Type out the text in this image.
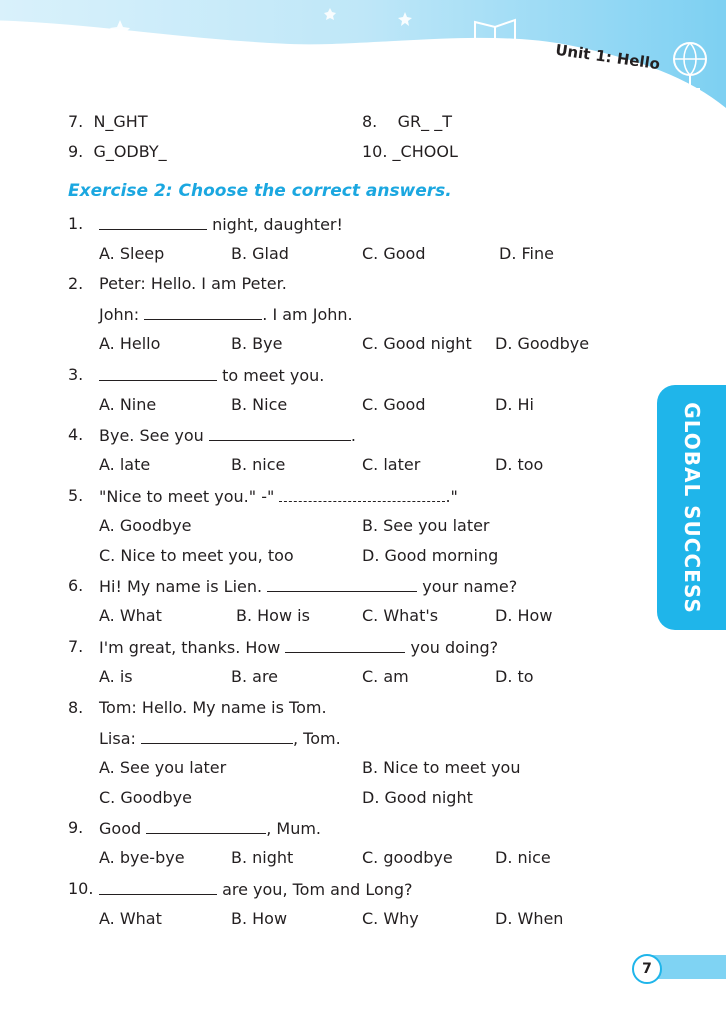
Unit 1: Hello
GLOBAL SUCCESS
7. N_GHT	8. GR_ _T
9. G_ODBY_	10. _CHOOL
Exercise 2: Choose the correct answers.
1.	night, daughter!
A. Sleep	B. Glad	C. Good	D. Fine
2. Peter: Hello. I am Peter.
John:	. I am John.
A. Hello	B. Bye	C. Good night D. Goodbye
3.	to meet you.
A. Nine	B. Nice	C. Good	D. Hi
4. Bye. See you	.
A. late	B. nice	C. later	D. too
5. "Nice to meet you." -"	."
A. Goodbye	B. See you later
C. Nice to meet you, too	D. Good morning
6. Hi! My name is Lien.	your name?
A. What	B. How is	C. What's	D. How
7. I'm great, thanks. How	you doing?
A. is	B. are	C. am	D. to
8. Tom: Hello. My name is Tom.
Lisa:	, Tom.
A. See you later	B. Nice to meet you
C. Goodbye	D. Good night
9. Good	, Mum.
A. bye-bye	B. night	C. goodbye	D. nice
10.	are you, Tom and Long?
A. What	B. How	C. Why	D. When
7
